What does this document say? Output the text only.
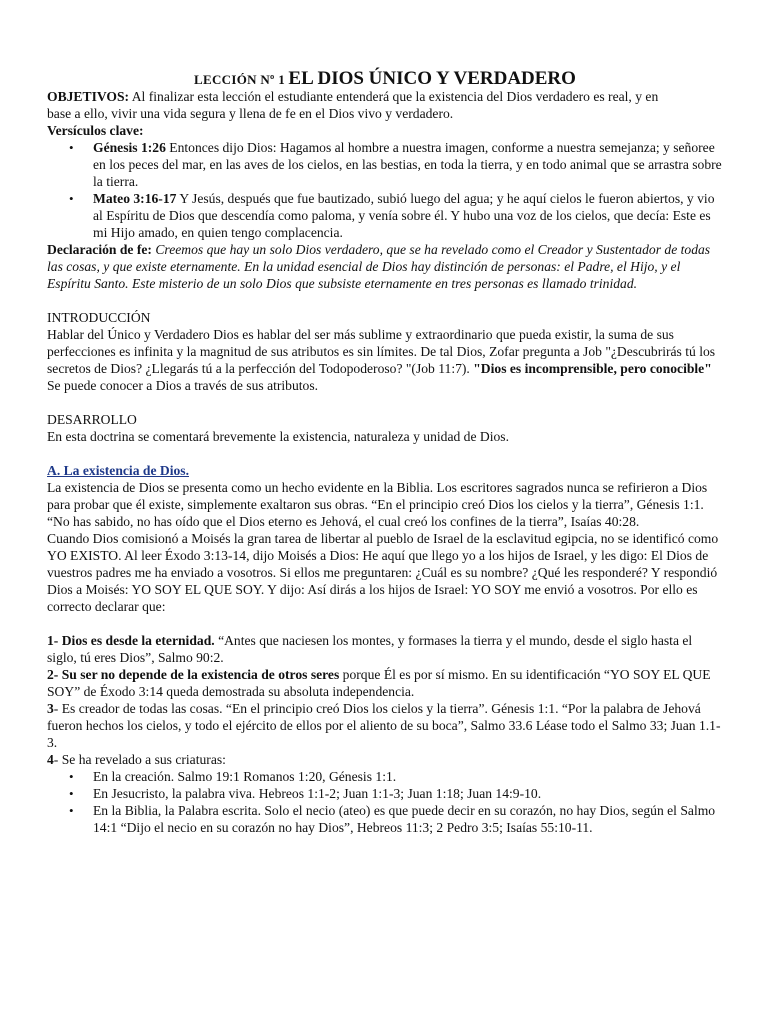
LECCIÓN Nº 1 EL DIOS ÚNICO Y VERDADERO

OBJETIVOS: Al finalizar esta lección el estudiante entenderá que la existencia del Dios verdadero es real, y en

base a ello, vivir una vida segura y llena de fe en el Dios vivo y verdadero.

Versículos clave:

• Génesis 1:26 Entonces dijo Dios: Hagamos al hombre a nuestra imagen, conforme a nuestra semejanza; y señoree en los peces del mar, en las aves de los cielos, en las bestias, en toda la tierra, y en todo animal que se arrastra sobre la tierra.
• Mateo 3:16-17 Y Jesús, después que fue bautizado, subió luego del agua; y he aquí cielos le fueron abiertos, y vio al Espíritu de Dios que descendía como paloma, y venía sobre él. Y hubo una voz de los cielos, que decía: Este es mi Hijo amado, en quien tengo complacencia.

Declaración de fe: Creemos que hay un solo Dios verdadero, que se ha revelado como el Creador y Sustentador de todas las cosas, y que existe eternamente. En la unidad esencial de Dios hay distinción de personas: el Padre, el Hijo, y el Espíritu Santo. Este misterio de un solo Dios que subsiste eternamente en tres personas es llamado trinidad.

INTRODUCCIÓN

Hablar del Único y Verdadero Dios es hablar del ser más sublime y extraordinario que pueda existir, la suma de sus perfecciones es infinita y la magnitud de sus atributos es sin límites. De tal Dios, Zofar pregunta a Job "¿Descubrirás tú los secretos de Dios? ¿Llegarás tú a la perfección del Todopoderoso? "(Job 11:7). "Dios es incomprensible, pero conocible" Se puede conocer a Dios a través de sus atributos.

DESARROLLO

En esta doctrina se comentará brevemente la existencia, naturaleza y unidad de Dios.

A. La existencia de Dios.

La existencia de Dios se presenta como un hecho evidente en la Biblia. Los escritores sagrados nunca se refirieron a Dios para probar que él existe, simplemente exaltaron sus obras. “En el principio creó Dios los cielos y la tierra”, Génesis 1:1. “No has sabido, no has oído que el Dios eterno es Jehová, el cual creó los confines de la tierra”, Isaías 40:28.

Cuando Dios comisionó a Moisés la gran tarea de libertar al pueblo de Israel de la esclavitud egipcia, no se identificó como YO EXISTO. Al leer Éxodo 3:13-14, dijo Moisés a Dios: He aquí que llego yo a los hijos de Israel, y les digo: El Dios de vuestros padres me ha enviado a vosotros. Si ellos me preguntaren: ¿Cuál es su nombre? ¿Qué les responderé? Y respondió Dios a Moisés: YO SOY EL QUE SOY. Y dijo: Así dirás a los hijos de Israel: YO SOY me envió a vosotros. Por ello es correcto declarar que:

1- Dios es desde la eternidad. “Antes que naciesen los montes, y formases la tierra y el mundo, desde el siglo hasta el siglo, tú eres Dios”, Salmo 90:2.

2- Su ser no depende de la existencia de otros seres porque Él es por sí mismo. En su identificación “YO SOY EL QUE SOY” de Éxodo 3:14 queda demostrada su absoluta independencia.

3- Es creador de todas las cosas. “En el principio creó Dios los cielos y la tierra”. Génesis 1:1. “Por la palabra de Jehová fueron hechos los cielos, y todo el ejército de ellos por el aliento de su boca”, Salmo 33.6 Léase todo el Salmo 33; Juan 1.1-3.

4- Se ha revelado a sus criaturas:

• En la creación. Salmo 19:1 Romanos 1:20, Génesis 1:1.
• En Jesucristo, la palabra viva. Hebreos 1:1-2; Juan 1:1-3; Juan 1:18; Juan 14:9-10.
• En la Biblia, la Palabra escrita. Solo el necio (ateo) es que puede decir en su corazón, no hay Dios, según el Salmo 14:1 “Dijo el necio en su corazón no hay Dios”, Hebreos 11:3; 2 Pedro 3:5; Isaías 55:10-11.
